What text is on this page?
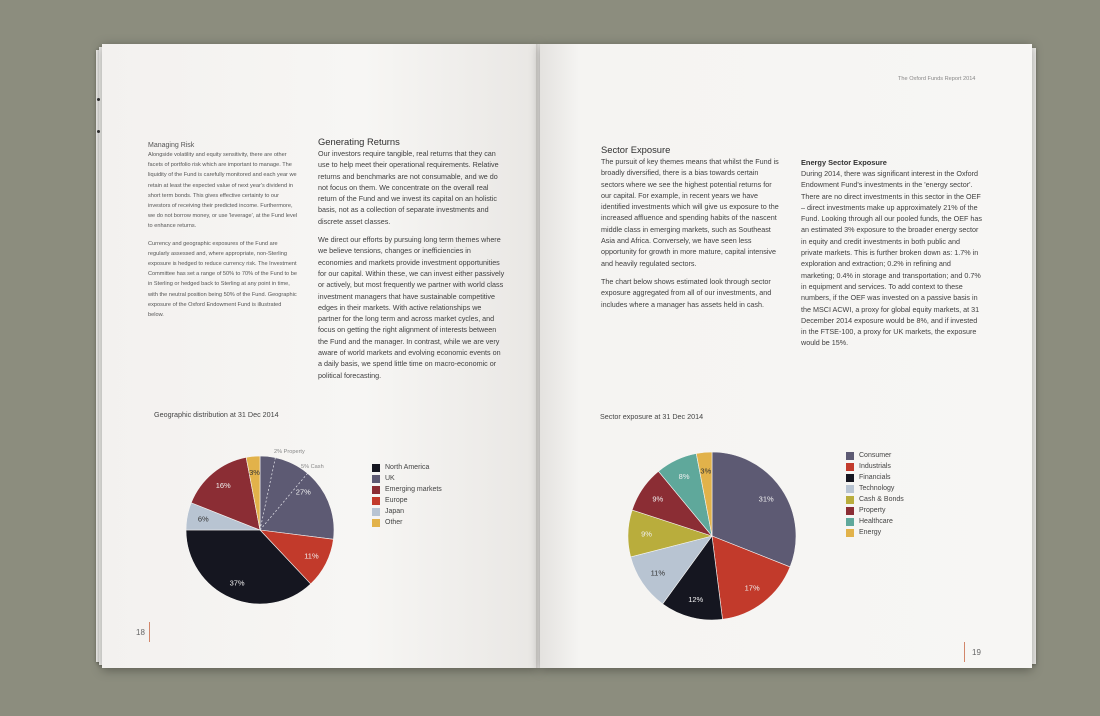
Managing Risk

Alongside volatility and equity sensitivity, there are other facets of portfolio risk which are important to manage. The liquidity of the Fund is carefully monitored and each year we retain at least the expected value of next year's dividend in short term bonds. This gives effective certainty to our investors of receiving their predicted income. Furthermore, we do not borrow money, or use 'leverage', at the Fund level to enhance returns.

Currency and geographic exposures of the Fund are regularly assessed and, where appropriate, non-Sterling exposure is hedged to reduce currency risk. The Investment Committee has set a range of 50% to 70% of the Fund to be in Sterling or hedged back to Sterling at any point in time, with the neutral position being 50% of the Fund. Geographic exposure of the Oxford Endowment Fund is illustrated below.

Generating Returns

Our investors require tangible, real returns that they can use to help meet their operational requirements. Relative returns and benchmarks are not consumable, and we do not focus on them. We concentrate on the overall real return of the Fund and we invest its capital on an holistic basis, not as a collection of separate investments and discrete asset classes.

We direct our efforts by pursuing long term themes where we believe tensions, changes or inefficiencies in economies and markets provide investment opportunities for our capital. Within these, we can invest either passively or actively, but most frequently we partner with world class investment managers that have sustainable competitive edges in their markets. With active relationships we partner for the long term and across market cycles, and focus on getting the right alignment of interests between the Fund and the manager. In contrast, while we are very aware of world markets and evolving economic events on a daily basis, we spend little time on macro-economic or political forecasting.

Geographic distribution at 31 Dec 2014
27%
11%
37%
6%
16%
3%
North America
UK
Emerging markets
Europe
Japan
Other
18
2% Property
5% Cash
The Oxford Funds Report 2014
Sector Exposure

The pursuit of key themes means that whilst the Fund is broadly diversified, there is a bias towards certain sectors where we see the highest potential returns for our capital. For example, in recent years we have identified investments which will give us exposure to the increased affluence and spending habits of the nascent middle class in emerging markets, such as Southeast Asia and Africa. Conversely, we have seen less opportunity for growth in more mature, capital intensive and heavily regulated sectors.

The chart below shows estimated look through sector exposure aggregated from all of our investments, and includes where a manager has assets held in cash.

Energy Sector Exposure

During 2014, there was significant interest in the Oxford Endowment Fund's investments in the 'energy sector'. There are no direct investments in this sector in the OEF – direct investments make up approximately 21% of the Fund. Looking through all our pooled funds, the OEF has an estimated 3% exposure to the broader energy sector in equity and credit investments in both public and private markets. This is further broken down as: 1.7% in exploration and extraction; 0.2% in refining and marketing; 0.4% in storage and transportation; and 0.7% in equipment and services. To add context to these numbers, if the OEF was invested on a passive basis in the MSCI ACWI, a proxy for global equity markets, at 31 December 2014 exposure would be 8%, and if invested in the FTSE-100, a proxy for UK markets, the exposure would be 15%.

Sector exposure at 31 Dec 2014
31%
17%
12%
11%
9%
9%
8%
3%
Consumer
Industrials
Financials
Technology
Cash & Bonds
Property
Healthcare
Energy
19
